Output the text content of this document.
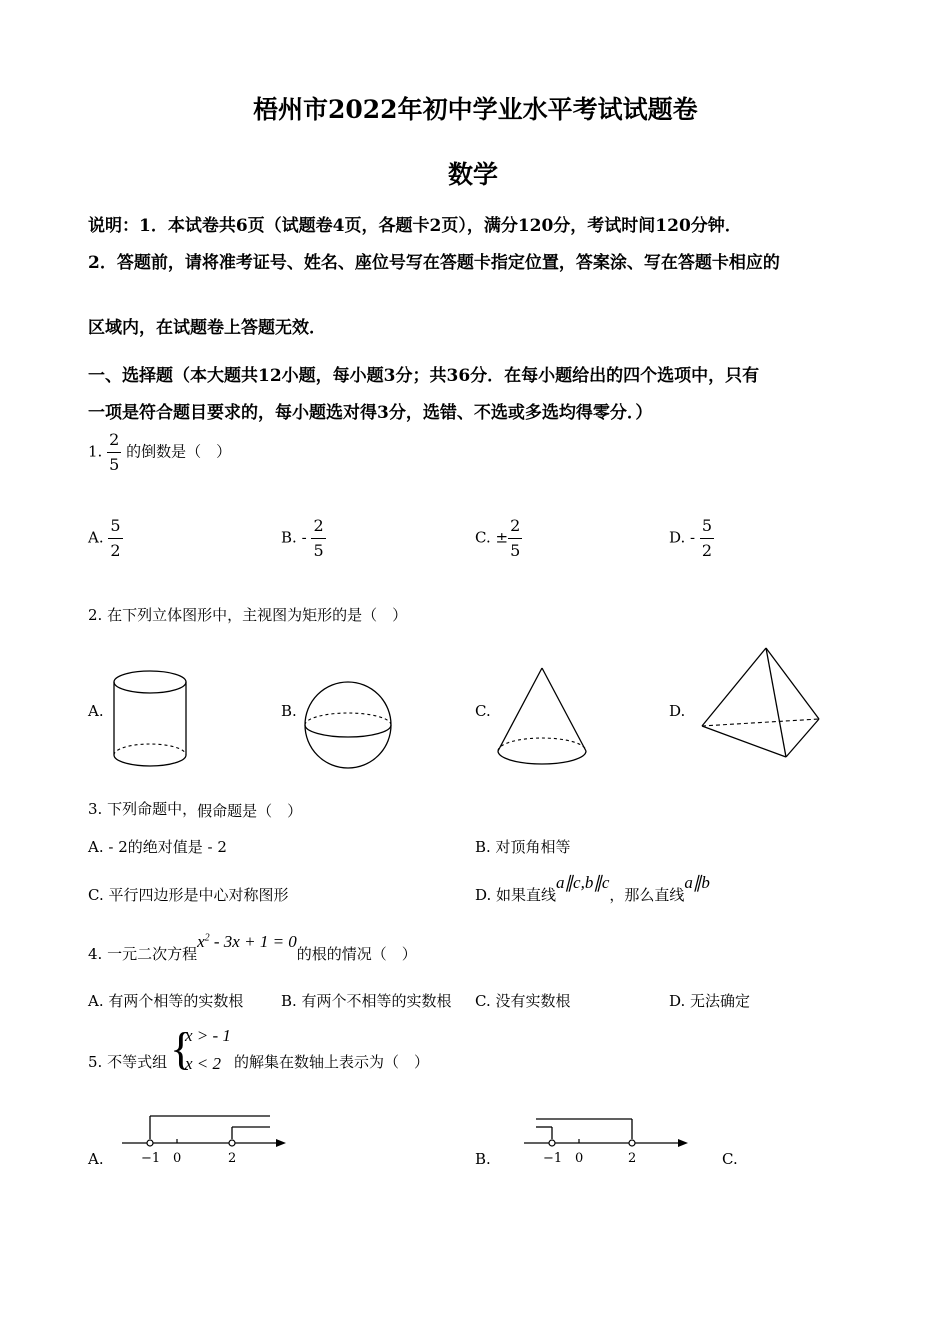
梧州市2022年初中学业水平考试试题卷
数学
说明：1．本试卷共6页（试题卷4页，各题卡2页），满分120分，考试时间120分钟．
2．答题前，请将准考证号、姓名、座位号写在答题卡指定位置，答案涂、写在答题卡相应的
区域内，在试题卷上答题无效．
一、选择题（本大题共12小题，每小题3分；共36分．在每小题给出的四个选项中，只有
一项是符合题目要求的，每小题选对得3分，选错、不选或多选均得零分．）
1. $\frac{2}{5}$ 的倒数是（　）
A. $\frac{5}{2}$	B. - $\frac{2}{5}$	C. ± $\frac{2}{5}$	D. - $\frac{5}{2}$
2. 在下列立体图形中，主视图为矩形的是（　）
A.	B.	C.	D.
3. 下列命题中，假命题是（　）
A. - 2的绝对值是 - 2	B. 对顶角相等
C. 平行四边形是中心对称图形	D. 如果直线a∥c,b∥c，那么直线a∥b
4. 一元二次方程$x^2 - 3x + 1 = 0$的根的情况（　）
A. 有两个相等的实数根	B. 有两个不相等的实数根 C. 没有实数根	D. 无法确定
5. 不等式组 {
x > - 1
x < 2 的解集在数轴上表示为（　）
A.	−1 0	2	B.	−1 0	2	C.
